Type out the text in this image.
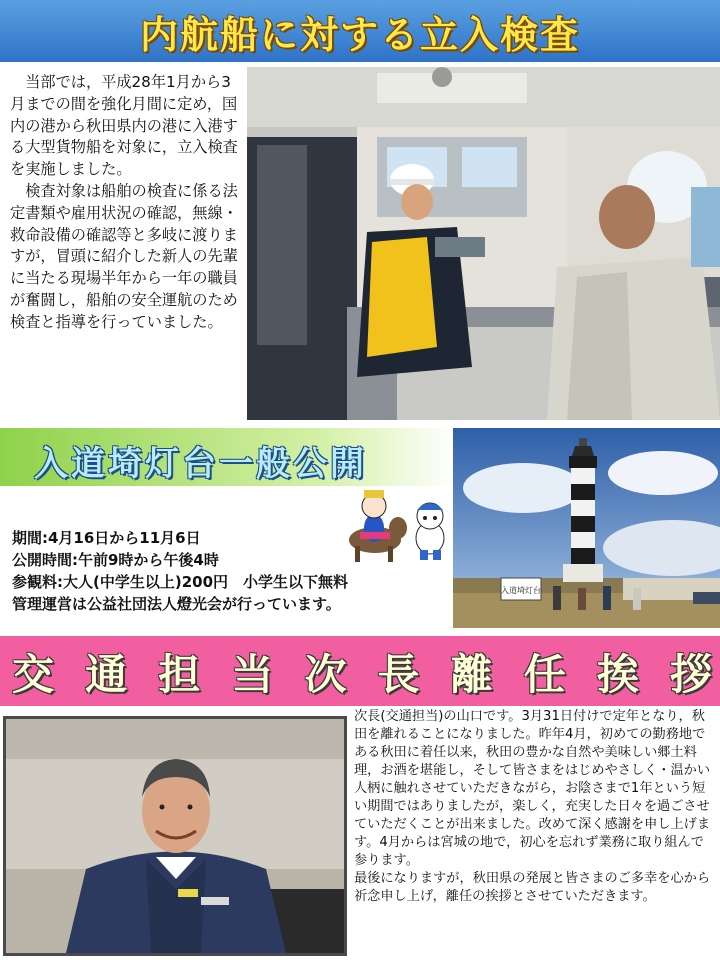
内航船に対する立入検査

当部では，平成28年1月から3月までの間を強化月間に定め，国内の港から秋田県内の港に入港する大型貨物船を対象に，立入検査を実施しました。

検査対象は船舶の検査に係る法定書類や雇用状況の確認，無線・救命設備の確認等と多岐に渡りますが，冒頭に紹介した新人の先輩に当たる現場半年から一年の職員が奮闘し，船舶の安全運航のため検査と指導を行っていました。

入道埼灯台一般公開
期間:4月16日から11月6日
公開時間:午前9時から午後4時
参観料:大人(中学生以上)200円　小学生以下無料
管理運営は公益社団法人燈光会が行っています。
入道埼灯台
交 通 担 当 次 長 離 任 挨 拶

次長(交通担当)の山口です。3月31日付けで定年となり，秋田を離れることになりました。昨年4月，初めての勤務地である秋田に着任以来，秋田の豊かな自然や美味しい郷土料理，お酒を堪能し，そして皆さまをはじめやさしく・温かい人柄に触れさせていただきながら，お陰さまで1年という短い期間ではありましたが，楽しく，充実した日々を過ごさせていただくことが出来ました。改めて深く感謝を申し上げます。4月からは宮城の地で，初心を忘れず業務に取り組んで参ります。

最後になりますが，秋田県の発展と皆さまのご多幸を心から祈念申し上げ，離任の挨拶とさせていただきます。
